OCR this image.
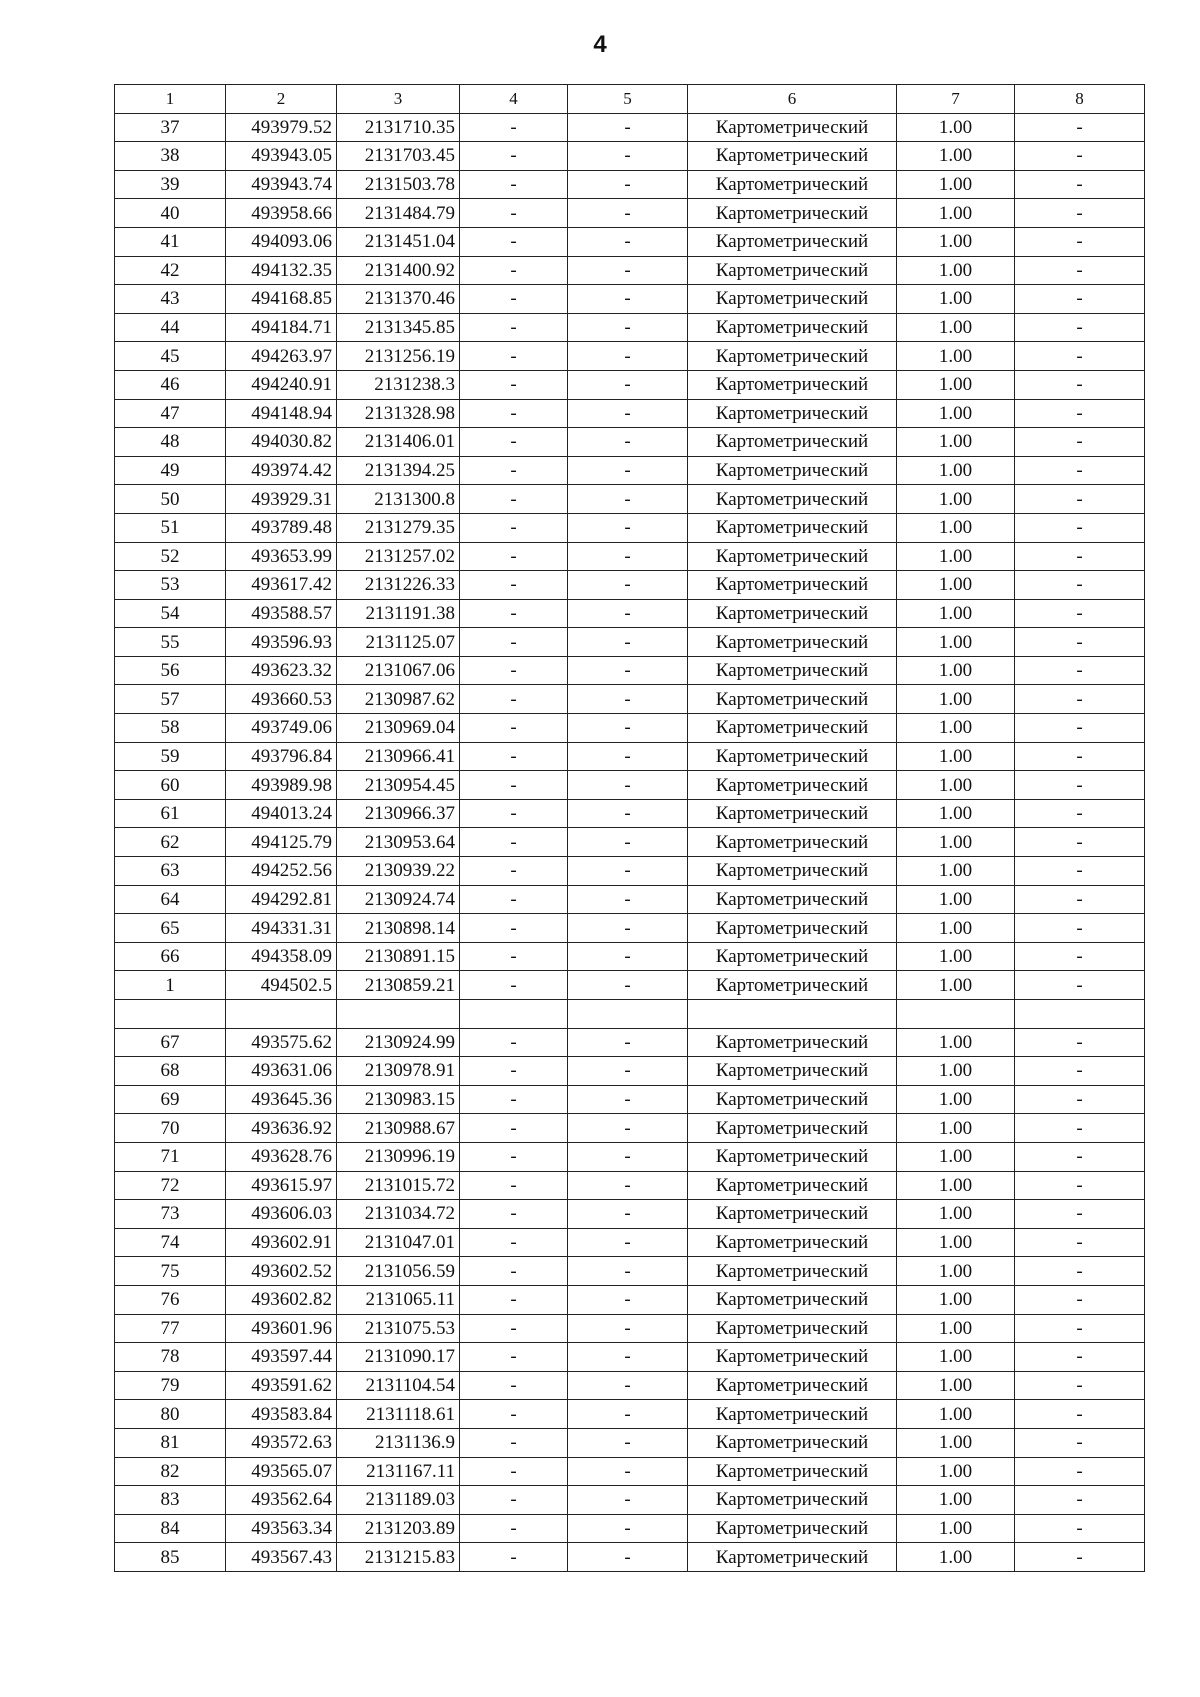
4
1	2	3	4	5	6	7	8
37	493979.52	2131710.35	-	-	Картометрический	1.00	-
38	493943.05	2131703.45	-	-	Картометрический	1.00	-
39	493943.74	2131503.78	-	-	Картометрический	1.00	-
40	493958.66	2131484.79	-	-	Картометрический	1.00	-
41	494093.06	2131451.04	-	-	Картометрический	1.00	-
42	494132.35	2131400.92	-	-	Картометрический	1.00	-
43	494168.85	2131370.46	-	-	Картометрический	1.00	-
44	494184.71	2131345.85	-	-	Картометрический	1.00	-
45	494263.97	2131256.19	-	-	Картометрический	1.00	-
46	494240.91	2131238.3	-	-	Картометрический	1.00	-
47	494148.94	2131328.98	-	-	Картометрический	1.00	-
48	494030.82	2131406.01	-	-	Картометрический	1.00	-
49	493974.42	2131394.25	-	-	Картометрический	1.00	-
50	493929.31	2131300.8	-	-	Картометрический	1.00	-
51	493789.48	2131279.35	-	-	Картометрический	1.00	-
52	493653.99	2131257.02	-	-	Картометрический	1.00	-
53	493617.42	2131226.33	-	-	Картометрический	1.00	-
54	493588.57	2131191.38	-	-	Картометрический	1.00	-
55	493596.93	2131125.07	-	-	Картометрический	1.00	-
56	493623.32	2131067.06	-	-	Картометрический	1.00	-
57	493660.53	2130987.62	-	-	Картометрический	1.00	-
58	493749.06	2130969.04	-	-	Картометрический	1.00	-
59	493796.84	2130966.41	-	-	Картометрический	1.00	-
60	493989.98	2130954.45	-	-	Картометрический	1.00	-
61	494013.24	2130966.37	-	-	Картометрический	1.00	-
62	494125.79	2130953.64	-	-	Картометрический	1.00	-
63	494252.56	2130939.22	-	-	Картометрический	1.00	-
64	494292.81	2130924.74	-	-	Картометрический	1.00	-
65	494331.31	2130898.14	-	-	Картометрический	1.00	-
66	494358.09	2130891.15	-	-	Картометрический	1.00	-
1	494502.5	2130859.21	-	-	Картометрический	1.00	-

67	493575.62	2130924.99	-	-	Картометрический	1.00	-
68	493631.06	2130978.91	-	-	Картометрический	1.00	-
69	493645.36	2130983.15	-	-	Картометрический	1.00	-
70	493636.92	2130988.67	-	-	Картометрический	1.00	-
71	493628.76	2130996.19	-	-	Картометрический	1.00	-
72	493615.97	2131015.72	-	-	Картометрический	1.00	-
73	493606.03	2131034.72	-	-	Картометрический	1.00	-
74	493602.91	2131047.01	-	-	Картометрический	1.00	-
75	493602.52	2131056.59	-	-	Картометрический	1.00	-
76	493602.82	2131065.11	-	-	Картометрический	1.00	-
77	493601.96	2131075.53	-	-	Картометрический	1.00	-
78	493597.44	2131090.17	-	-	Картометрический	1.00	-
79	493591.62	2131104.54	-	-	Картометрический	1.00	-
80	493583.84	2131118.61	-	-	Картометрический	1.00	-
81	493572.63	2131136.9	-	-	Картометрический	1.00	-
82	493565.07	2131167.11	-	-	Картометрический	1.00	-
83	493562.64	2131189.03	-	-	Картометрический	1.00	-
84	493563.34	2131203.89	-	-	Картометрический	1.00	-
85	493567.43	2131215.83	-	-	Картометрический	1.00	-
